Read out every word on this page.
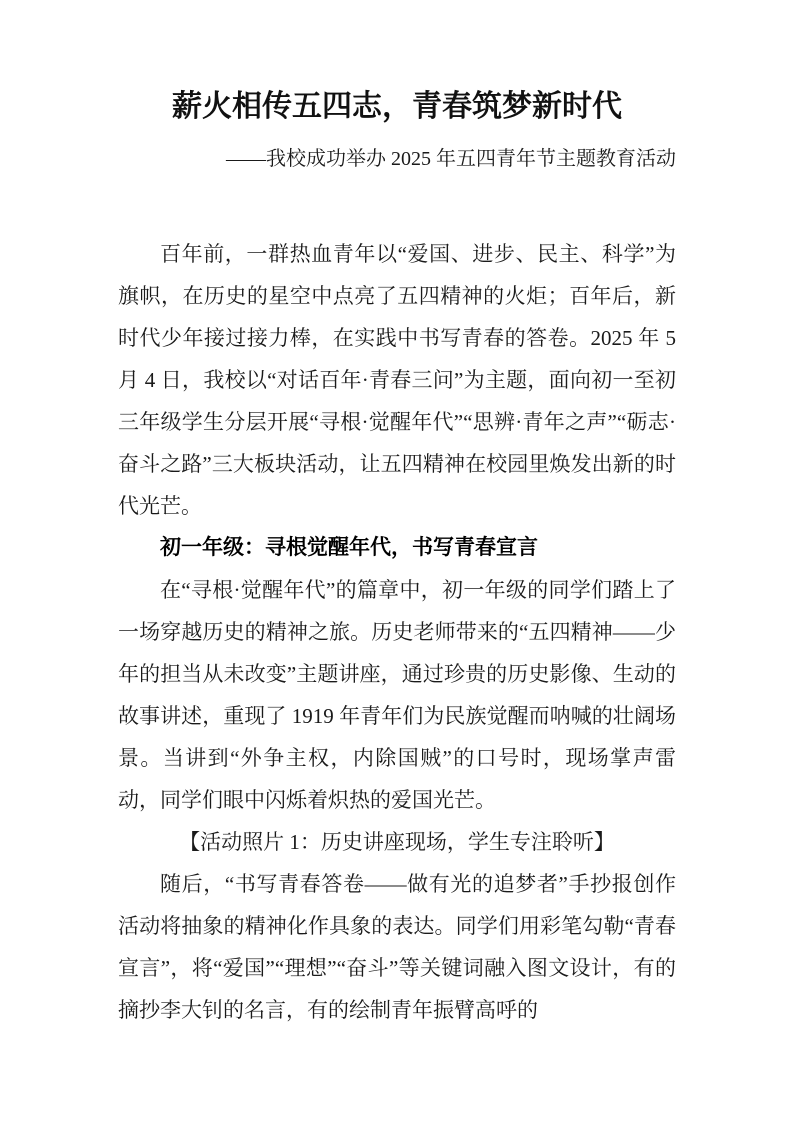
薪火相传五四志，青春筑梦新时代
——我校成功举办 2025 年五四青年节主题教育活动

百年前，一群热血青年以“爱国、进步、民主、科学”为旗帜，在历史的星空中点亮了五四精神的火炬；百年后，新时代少年接过接力棒，在实践中书写青春的答卷。2025 年 5 月 4 日，我校以“对话百年·青春三问”为主题，面向初一至初三年级学生分层开展“寻根·觉醒年代”“思辨·青年之声”“砺志·奋斗之路”三大板块活动，让五四精神在校园里焕发出新的时代光芒。

初一年级：寻根觉醒年代，书写青春宣言

在“寻根·觉醒年代”的篇章中，初一年级的同学们踏上了一场穿越历史的精神之旅。历史老师带来的“五四精神——少年的担当从未改变”主题讲座，通过珍贵的历史影像、生动的故事讲述，重现了 1919 年青年们为民族觉醒而呐喊的壮阔场景。当讲到“外争主权，内除国贼”的口号时，现场掌声雷动，同学们眼中闪烁着炽热的爱国光芒。

【活动照片 1：历史讲座现场，学生专注聆听】

随后，“书写青春答卷——做有光的追梦者”手抄报创作活动将抽象的精神化作具象的表达。同学们用彩笔勾勒“青春宣言”，将“爱国”“理想”“奋斗”等关键词融入图文设计，有的摘抄李大钊的名言，有的绘制青年振臂高呼的
